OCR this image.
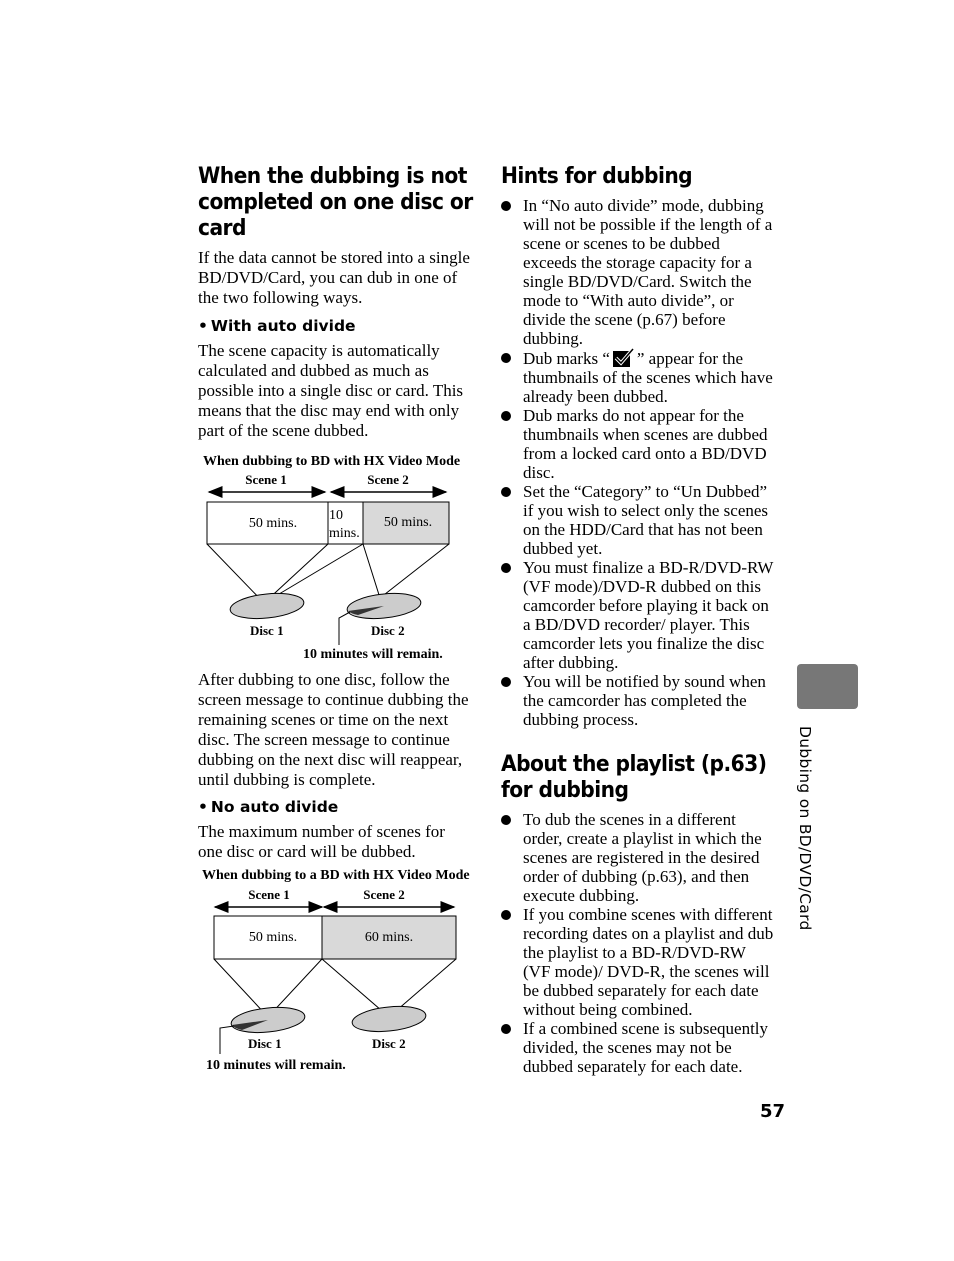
When the dubbing is not completed on one disc or card

If the data cannot be stored into a single BD/DVD/Card, you can dub in one of the two following ways.

• With auto divide

The scene capacity is automatically calculated and dubbed as much as possible into a single disc or card. This means that the disc may end with only part of the scene dubbed.

When dubbing to BD with HX Video Mode
Scene 1	Scene 2
50 mins.
10
mins.
50 mins.
Disc 1	Disc 2
10 minutes will remain.

After dubbing to one disc, follow the screen message to continue dubbing the remaining scenes or time on the next disc. The screen message to continue dubbing on the next disc will reappear, until dubbing is complete.

• No auto divide

The maximum number of scenes for one disc or card will be dubbed.

When dubbing to a BD with HX Video Mode
Scene 1	Scene 2
50 mins.	60 mins.
Disc 1	Disc 2
10 minutes will remain.
Hints for dubbing
In “No auto divide” mode, dubbing will not be possible if the length of a scene or scenes to be dubbed exceeds the storage capacity for a single BD/DVD/Card. Switch the mode to “With auto divide”, or divide the scene (p.67) before dubbing.
Dub marks “ ” appear for the thumbnails of the scenes which have already been dubbed.
Dub marks do not appear for the thumbnails when scenes are dubbed from a locked card onto a BD/DVD disc.
Set the “Category” to “Un Dubbed” if you wish to select only the scenes on the HDD/Card that has not been dubbed yet.
You must finalize a BD-R/DVD-RW (VF mode)/DVD-R dubbed on this camcorder before playing it back on a BD/DVD recorder/ player. This camcorder lets you finalize the disc after dubbing.
You will be notified by sound when the camcorder has completed the dubbing process.
About the playlist (p.63) for dubbing
To dub the scenes in a different order, create a playlist in which the scenes are registered in the desired order of dubbing (p.63), and then execute dubbing.
If you combine scenes with different recording dates on a playlist and dub the playlist to a BD-R/DVD-RW (VF mode)/ DVD-R, the scenes will be dubbed separately for each date without being combined.
If a combined scene is subsequently divided, the scenes may not be dubbed separately for each date.
Dubbing on BD/DVD/Card
57
